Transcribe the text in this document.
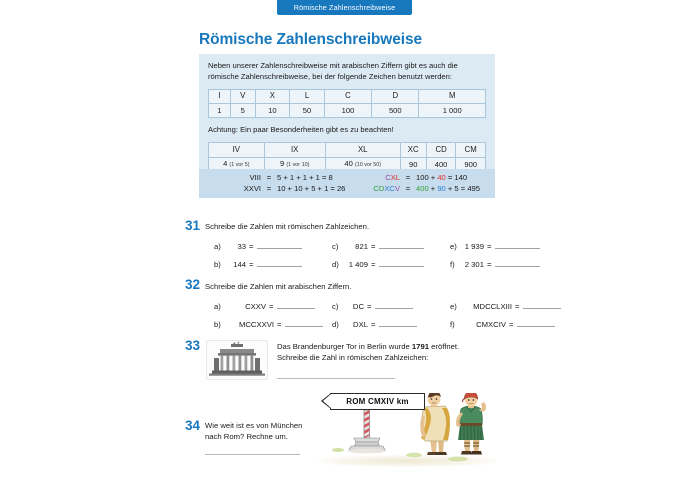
Römische Zahlenschreibweise
Römische Zahlenschreibweise

Neben unserer Zahlenschreibweise mit arabischen Ziffern gibt es auch die römische Zahlenschreibweise, bei der folgende Zeichen benutzt werden:

I	V	X	L	C	D	M
1	5	10	50	100	500	1 000

Achtung: Ein paar Besonderheiten gibt es zu beachten!

IV	IX	XL	XC	CD	CM
4 (1 vor 5)	9 (1 vor 10)	40 (10 vor 50)	90	400	900
VIII = 5 + 1 + 1 + 1 = 8	CXL = 100 + 40 = 140
XXVI = 10 + 10 + 5 + 1 = 26	CDXCV = 400 + 90 + 5 = 495
31 Schreibe die Zahlen mit römischen Zahlzeichen.
a)	33 =	c)	821 =	e)	1 939 =
b)	144 =	d)	1 409 =	f)	2 301 =
32 Schreibe die Zahlen mit arabischen Ziffern.
a)	CXXV =	c)	DC =	e)	MDCCLXIII =
b)	MCCXXVI =	d)	DXL =	f)	CMXCIV =
33	Das Brandenburger Tor in Berlin wurde 1791 eröffnet.
Schreibe die Zahl in römischen Zahlzeichen:
34 Wie weit ist es von München
nach Rom? Rechne um.
ROM CMXIV km
